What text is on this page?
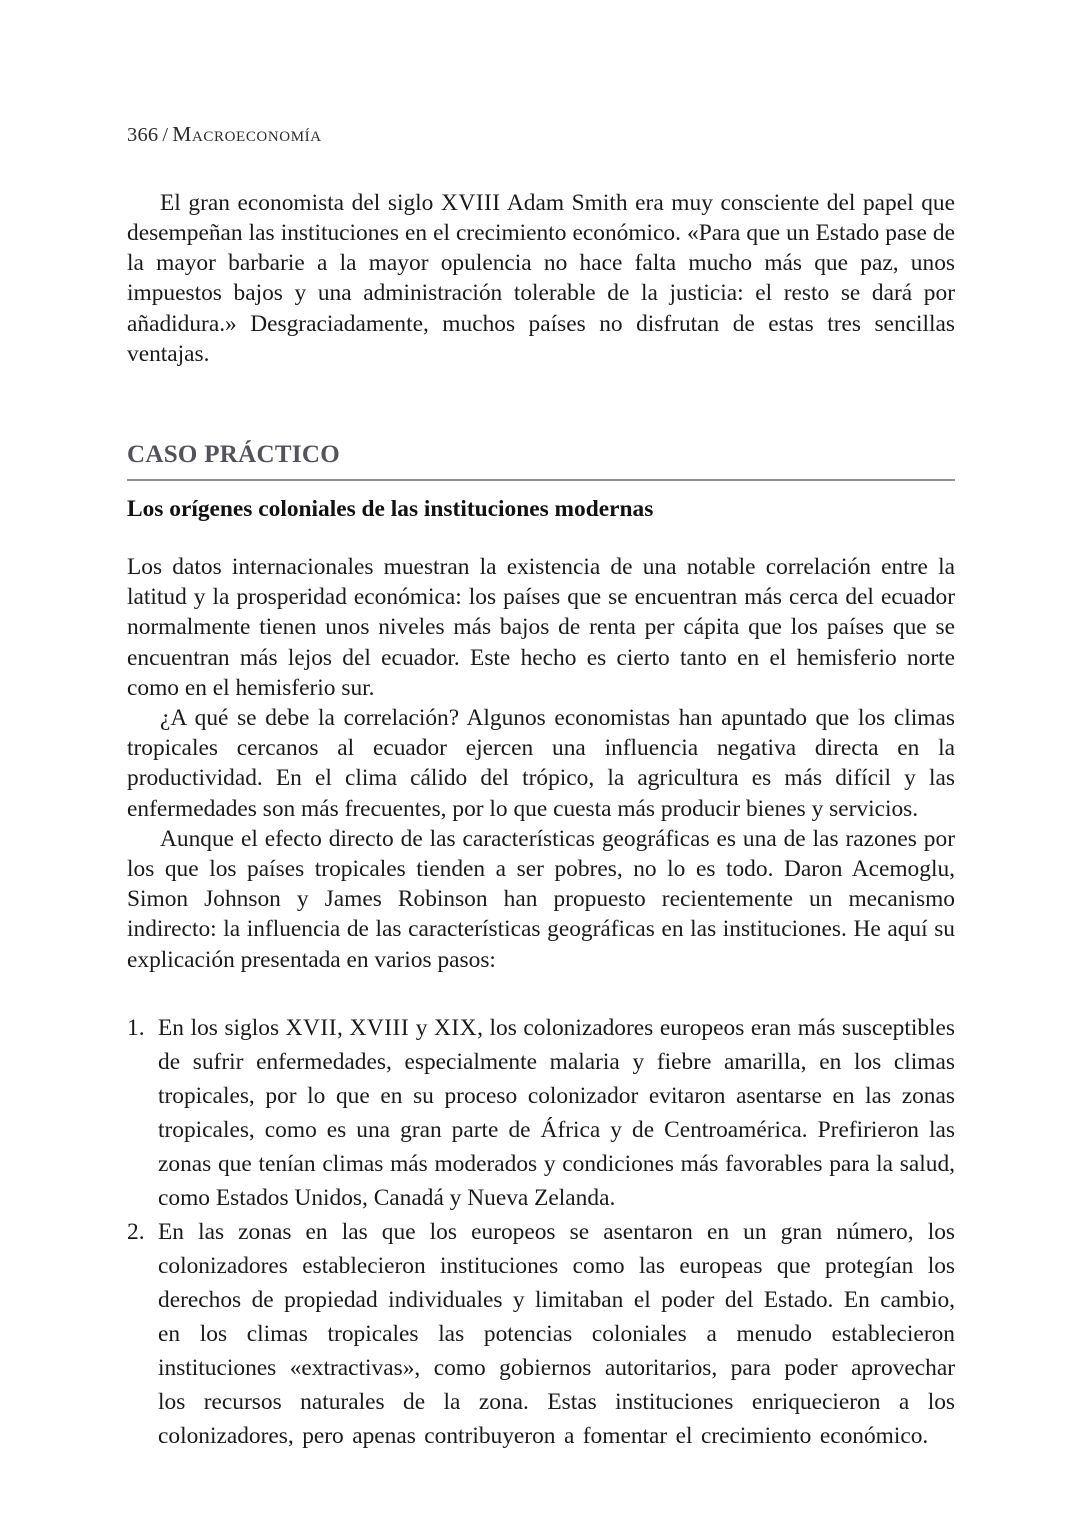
366 / Macroeconomía

El gran economista del siglo XVIII Adam Smith era muy consciente del papel que desempeñan las instituciones en el crecimiento económico. «Para que un Estado pase de la mayor barbarie a la mayor opulencia no hace falta mucho más que paz, unos impuestos bajos y una administración tolerable de la justicia: el resto se dará por añadidura.» Desgraciadamente, muchos países no disfrutan de estas tres sencillas ventajas.

CASO PRÁCTICO
Los orígenes coloniales de las instituciones modernas

Los datos internacionales muestran la existencia de una notable correlación entre la latitud y la prosperidad económica: los países que se encuentran más cerca del ecuador normalmente tienen unos niveles más bajos de renta per cápita que los países que se encuentran más lejos del ecuador. Este hecho es cierto tanto en el hemisferio norte como en el hemisferio sur.

¿A qué se debe la correlación? Algunos economistas han apuntado que los climas tropicales cercanos al ecuador ejercen una influencia negativa directa en la productividad. En el clima cálido del trópico, la agricultura es más difícil y las enfermedades son más frecuentes, por lo que cuesta más producir bienes y servicios.

Aunque el efecto directo de las características geográficas es una de las razones por los que los países tropicales tienden a ser pobres, no lo es todo. Daron Acemoglu, Simon Johnson y James Robinson han propuesto recientemente un mecanismo indirecto: la influencia de las características geográficas en las instituciones. He aquí su explicación presentada en varios pasos:

1. En los siglos XVII, XVIII y XIX, los colonizadores europeos eran más susceptibles de sufrir enfermedades, especialmente malaria y fiebre amarilla, en los climas tropicales, por lo que en su proceso colonizador evitaron asentarse en las zonas tropicales, como es una gran parte de África y de Centroamérica. Prefirieron las zonas que tenían climas más moderados y condiciones más favorables para la salud, como Estados Unidos, Canadá y Nueva Zelanda.
2. En las zonas en las que los europeos se asentaron en un gran número, los colonizadores establecieron instituciones como las europeas que protegían los derechos de propiedad individuales y limitaban el poder del Estado. En cambio, en los climas tropicales las potencias coloniales a menudo establecieron instituciones «extractivas», como gobiernos autoritarios, para poder aprovechar los recursos naturales de la zona. Estas instituciones enriquecieron a los colonizadores, pero apenas contribuyeron a fomentar el crecimiento económico.
